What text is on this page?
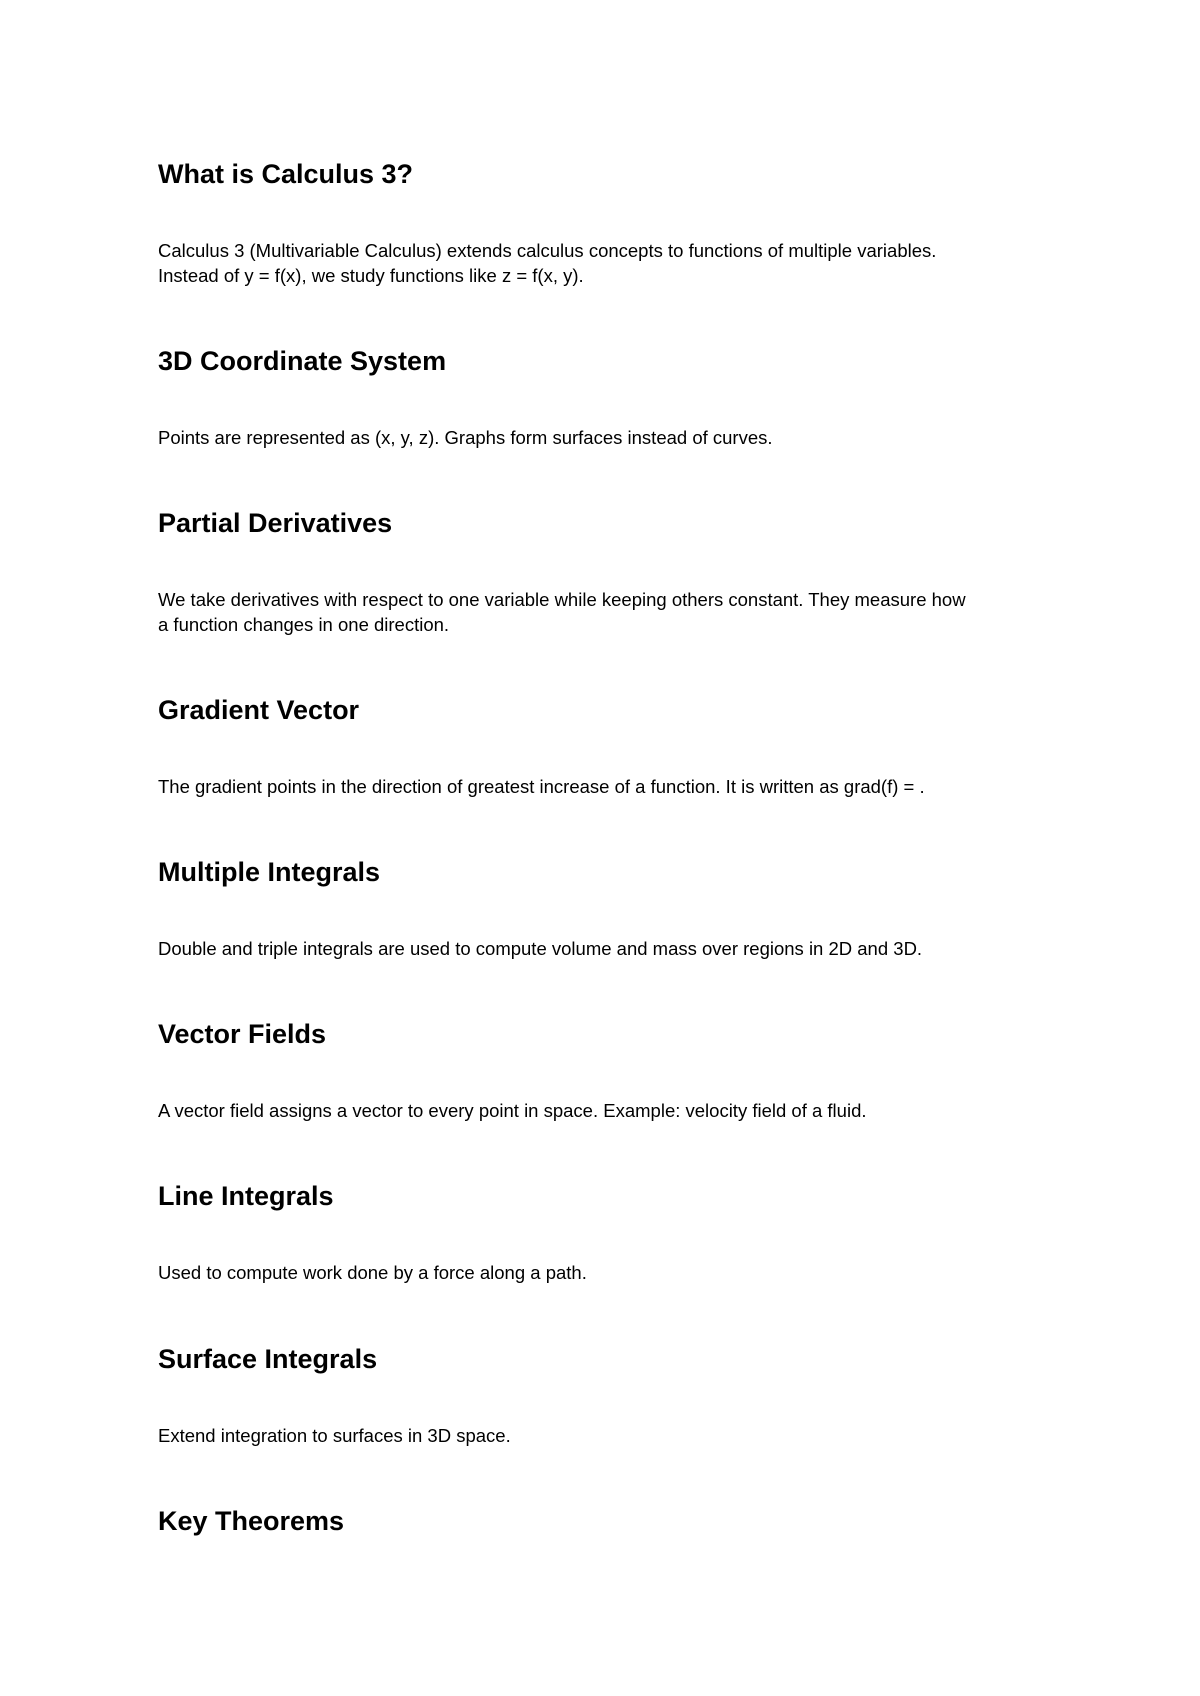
What is Calculus 3?

Calculus 3 (Multivariable Calculus) extends calculus concepts to functions of multiple variables.

Instead of y = f(x), we study functions like z = f(x, y).

3D Coordinate System

Points are represented as (x, y, z). Graphs form surfaces instead of curves.

Partial Derivatives

We take derivatives with respect to one variable while keeping others constant. They measure how

a function changes in one direction.

Gradient Vector

The gradient points in the direction of greatest increase of a function. It is written as grad(f) = .

Multiple Integrals

Double and triple integrals are used to compute volume and mass over regions in 2D and 3D.

Vector Fields

A vector field assigns a vector to every point in space. Example: velocity field of a fluid.

Line Integrals

Used to compute work done by a force along a path.

Surface Integrals

Extend integration to surfaces in 3D space.

Key Theorems
